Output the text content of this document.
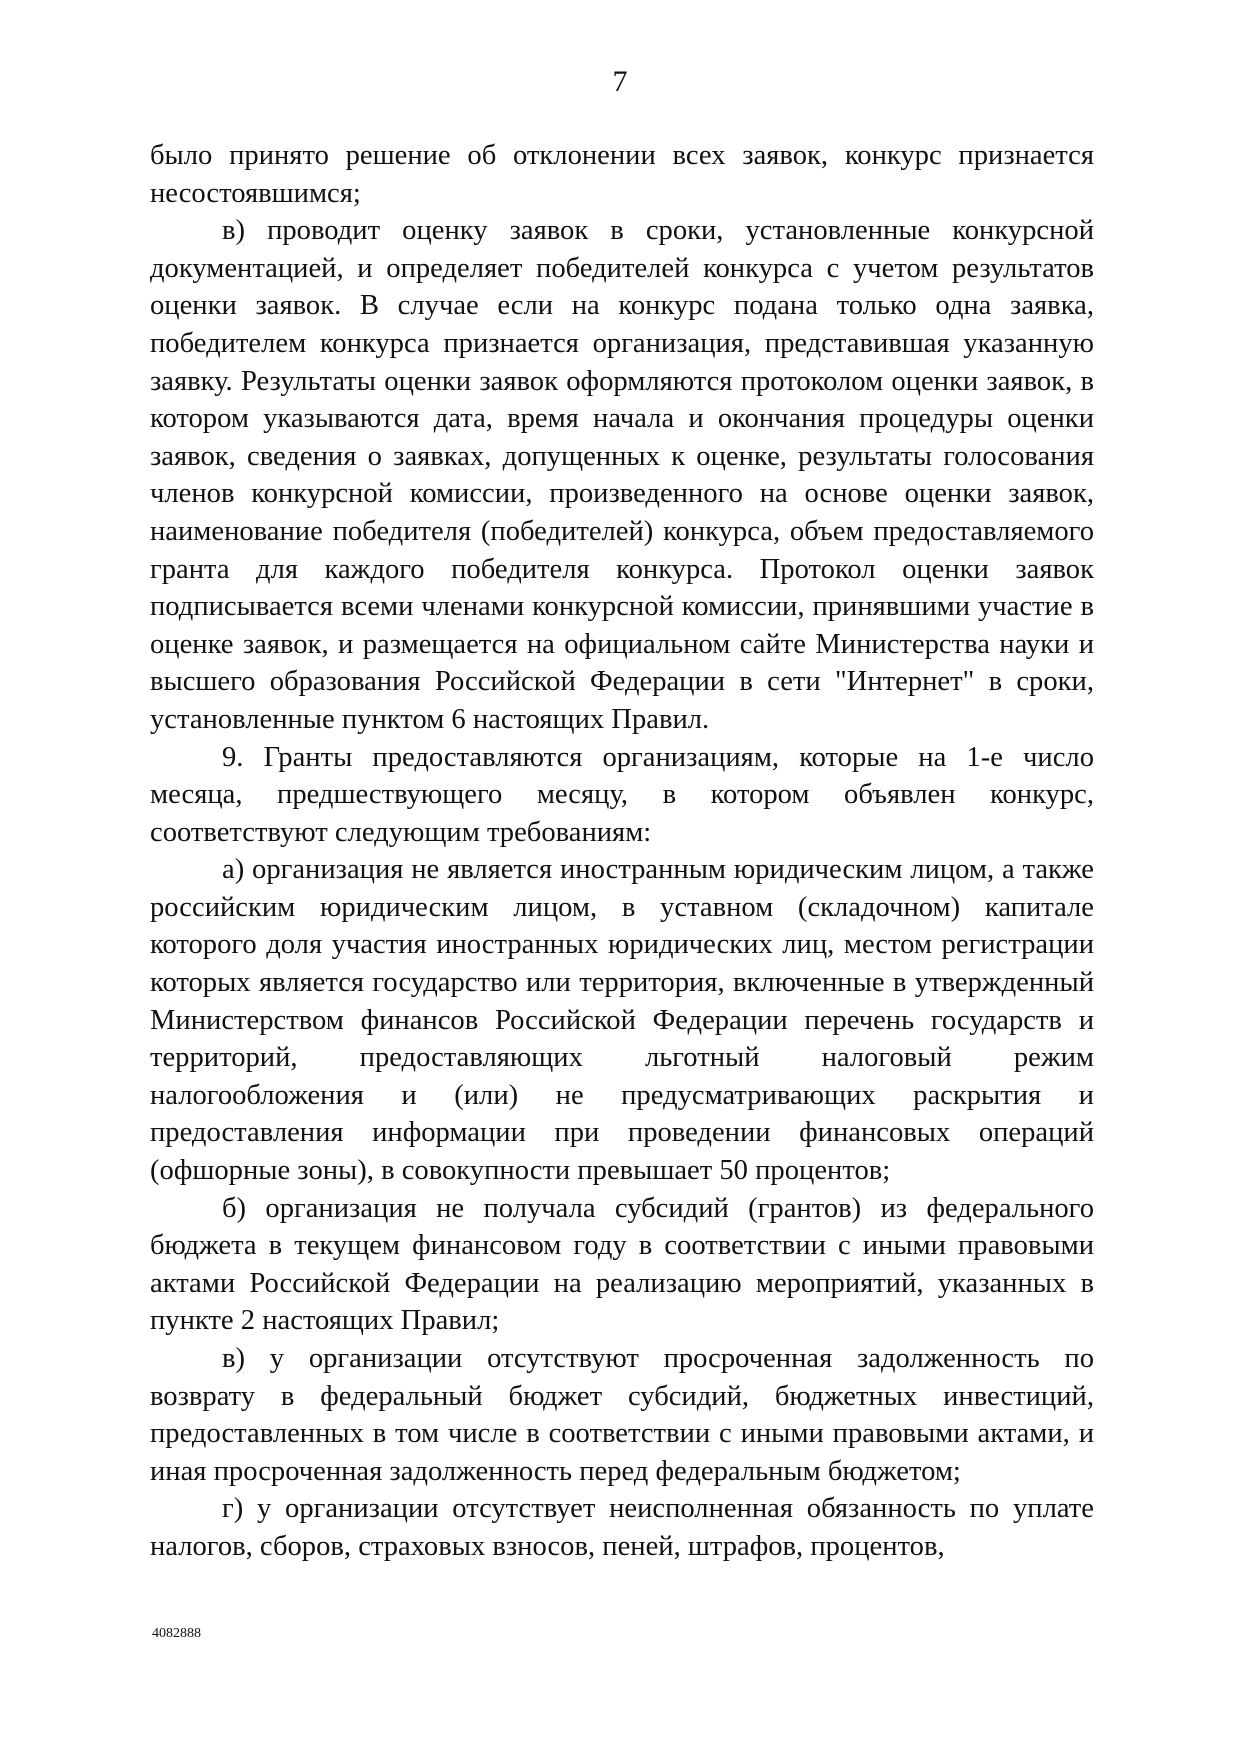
7

было принято решение об отклонении всех заявок, конкурс признается несостоявшимся;

в) проводит оценку заявок в сроки, установленные конкурсной документацией, и определяет победителей конкурса с учетом результатов оценки заявок. В случае если на конкурс подана только одна заявка, победителем конкурса признается организация, представившая указанную заявку. Результаты оценки заявок оформляются протоколом оценки заявок, в котором указываются дата, время начала и окончания процедуры оценки заявок, сведения о заявках, допущенных к оценке, результаты голосования членов конкурсной комиссии, произведенного на основе оценки заявок, наименование победителя (победителей) конкурса, объем предоставляемого гранта для каждого победителя конкурса. Протокол оценки заявок подписывается всеми членами конкурсной комиссии, принявшими участие в оценке заявок, и размещается на официальном сайте Министерства науки и высшего образования Российской Федерации в сети "Интернет" в сроки, установленные пунктом 6 настоящих Правил.

9. Гранты предоставляются организациям, которые на 1-е число месяца, предшествующего месяцу, в котором объявлен конкурс, соответствуют следующим требованиям:

а) организация не является иностранным юридическим лицом, а также российским юридическим лицом, в уставном (складочном) капитале которого доля участия иностранных юридических лиц, местом регистрации которых является государство или территория, включенные в утвержденный Министерством финансов Российской Федерации перечень государств и территорий, предоставляющих льготный налоговый режим налогообложения и (или) не предусматривающих раскрытия и предоставления информации при проведении финансовых операций (офшорные зоны), в совокупности превышает 50 процентов;

б) организация не получала субсидий (грантов) из федерального бюджета в текущем финансовом году в соответствии с иными правовыми актами Российской Федерации на реализацию мероприятий, указанных в пункте 2 настоящих Правил;

в) у организации отсутствуют просроченная задолженность по возврату в федеральный бюджет субсидий, бюджетных инвестиций, предоставленных в том числе в соответствии с иными правовыми актами, и иная просроченная задолженность перед федеральным бюджетом;

г) у организации отсутствует неисполненная обязанность по уплате налогов, сборов, страховых взносов, пеней, штрафов, процентов,

4082888
